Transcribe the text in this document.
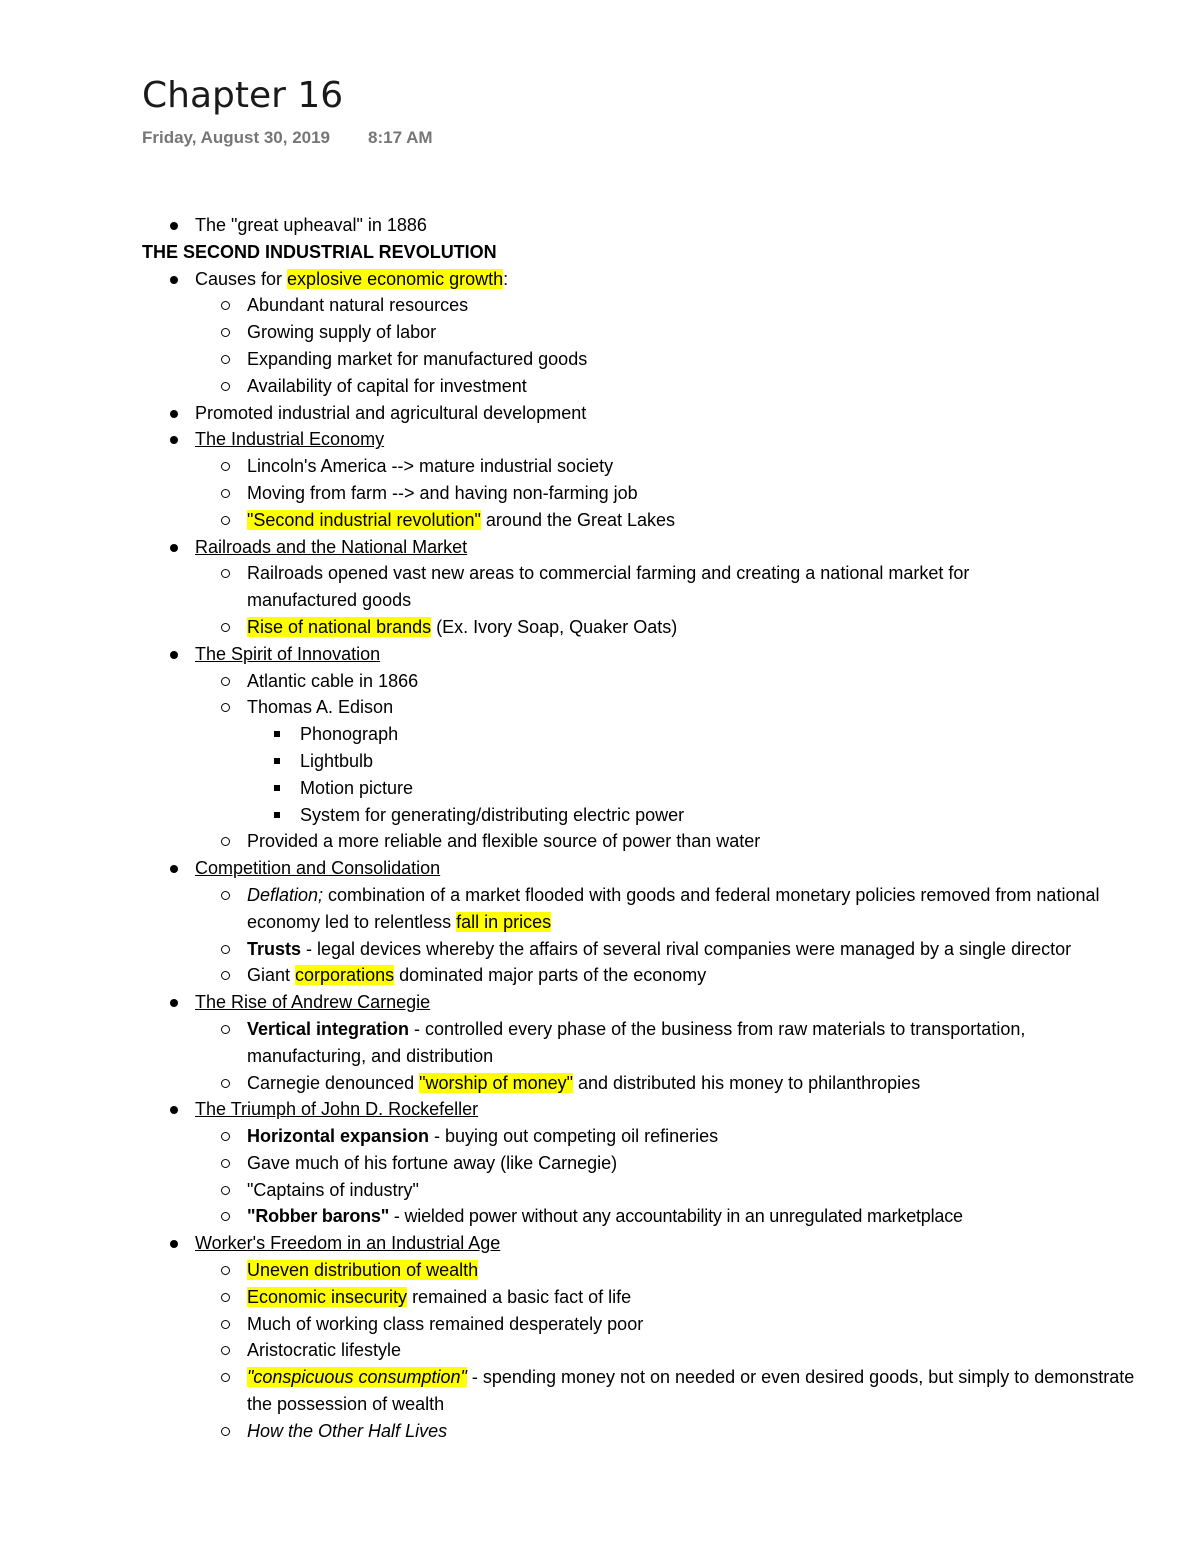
Chapter 16
Friday, August 30, 2019 8:17 AM
The "great upheaval" in 1886
THE SECOND INDUSTRIAL REVOLUTION
Causes for explosive economic growth:
Abundant natural resources
Growing supply of labor
Expanding market for manufactured goods
Availability of capital for investment
Promoted industrial and agricultural development
The Industrial Economy
Lincoln's America --> mature industrial society
Moving from farm --> and having non-farming job
"Second industrial revolution" around the Great Lakes
Railroads and the National Market
Railroads opened vast new areas to commercial farming and creating a national market for manufactured goods
Rise of national brands (Ex. Ivory Soap, Quaker Oats)
The Spirit of Innovation
Atlantic cable in 1866
Thomas A. Edison
Phonograph
Lightbulb
Motion picture
System for generating/distributing electric power
Provided a more reliable and flexible source of power than water
Competition and Consolidation
Deflation; combination of a market flooded with goods and federal monetary policies removed from national economy led to relentless fall in prices
Trusts - legal devices whereby the affairs of several rival companies were managed by a single director
Giant corporations dominated major parts of the economy
The Rise of Andrew Carnegie
Vertical integration - controlled every phase of the business from raw materials to transportation, manufacturing, and distribution
Carnegie denounced "worship of money" and distributed his money to philanthropies
The Triumph of John D. Rockefeller
Horizontal expansion - buying out competing oil refineries
Gave much of his fortune away (like Carnegie)
"Captains of industry"
"Robber barons" - wielded power without any accountability in an unregulated marketplace
Worker's Freedom in an Industrial Age
Uneven distribution of wealth
Economic insecurity remained a basic fact of life
Much of working class remained desperately poor
Aristocratic lifestyle
"conspicuous consumption" - spending money not on needed or even desired goods, but simply to demonstrate the possession of wealth
How the Other Half Lives
